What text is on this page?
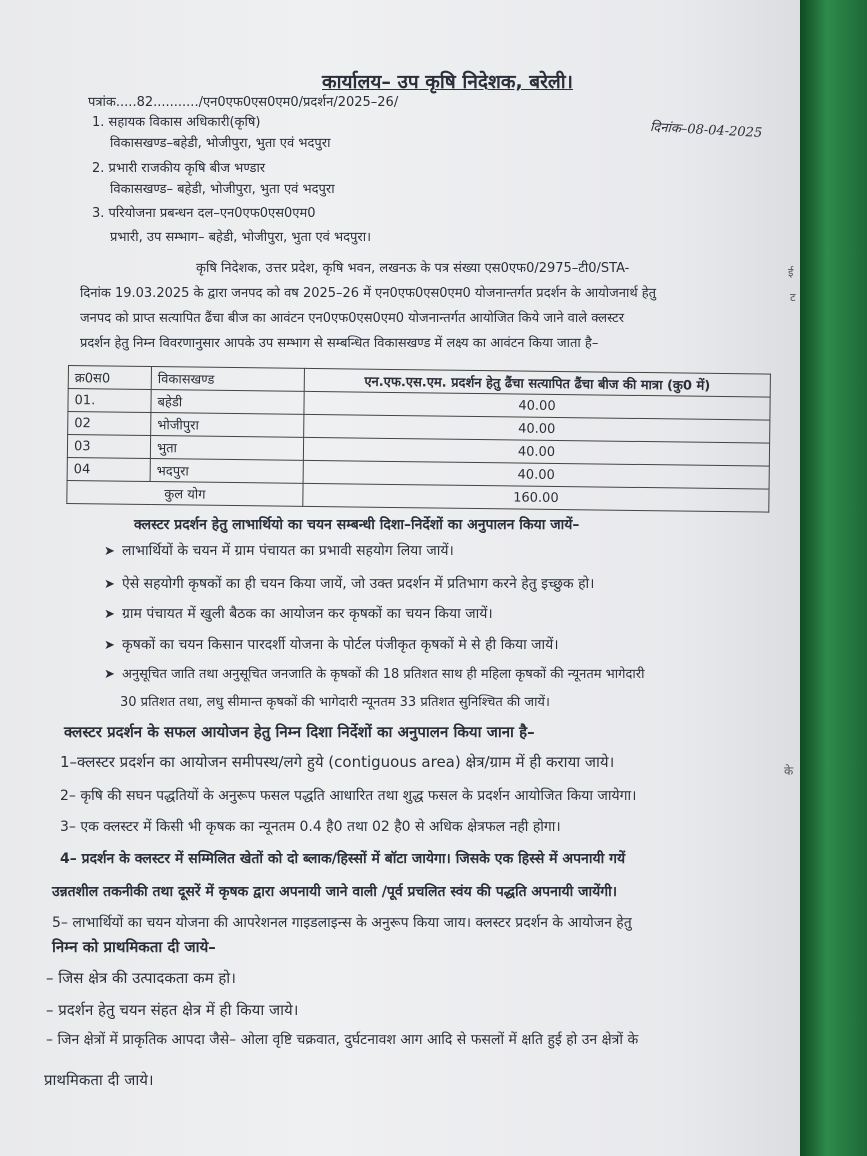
कार्यालय– उप कृषि निदेशक, बरेली।
पत्रांक.....82.........../एन0एफ0एस0एम0/प्रदर्शन/2025–26/
दिनांक–08-04-2025
1. सहायक विकास अधिकारी(कृषि)
विकासखण्ड–बहेडी, भोजीपुरा, भुता एवं भदपुरा
2. प्रभारी राजकीय कृषि बीज भण्डार
विकासखण्ड– बहेडी, भोजीपुरा, भुता एवं भदपुरा
3. परियोजना प्रबन्धन दल–एन0एफ0एस0एम0
प्रभारी, उप सम्भाग– बहेडी, भोजीपुरा, भुता एवं भदपुरा।
कृषि निदेशक, उत्तर प्रदेश, कृषि भवन, लखनऊ के पत्र संख्या एस0एफ0/2975–टी0/STA-
दिनांक 19.03.2025 के द्वारा जनपद को वष 2025–26 में एन0एफ0एस0एम0 योजनान्तर्गत प्रदर्शन के आयोजनार्थ हेतु
जनपद को प्राप्त सत्यापित ढैंचा बीज का आवंटन एन0एफ0एस0एम0 योजनान्तर्गत आयोजित किये जाने वाले क्लस्टर
प्रदर्शन हेतु निम्न विवरणानुसार आपके उप सम्भाग से सम्बन्धित विकासखण्ड में लक्ष्य का आवंटन किया जाता है–
क्र0स0	विकासखण्ड	एन.एफ.एस.एम. प्रदर्शन हेतु ढैंचा सत्यापित ढैंचा बीज की मात्रा (कु0 में)
01.	बहेडी	40.00
02	भोजीपुरा	40.00
03	भुता	40.00
04	भदपुरा	40.00
कुल योग		160.00
क्लस्टर प्रदर्शन हेतु लाभार्थियो का चयन सम्बन्धी दिशा–निर्देशों का अनुपालन किया जायें–
➤ लाभार्थियों के चयन में ग्राम पंचायत का प्रभावी सहयोग लिया जायें।
➤ ऐसे सहयोगी कृषकों का ही चयन किया जायें, जो उक्त प्रदर्शन में प्रतिभाग करने हेतु इच्छुक हो।
➤ ग्राम पंचायत में खुली बैठक का आयोजन कर कृषकों का चयन किया जायें।
➤ कृषकों का चयन किसान पारदर्शी योजना के पोर्टल पंजीकृत कृषकों मे से ही किया जायें।
➤ अनुसूचित जाति तथा अनुसूचित जनजाति के कृषकों की 18 प्रतिशत साथ ही महिला कृषकों की न्यूनतम भागेदारी
30 प्रतिशत तथा, लधु सीमान्त कृषकों की भागेदारी न्यूनतम 33 प्रतिशत सुनिश्चित की जायें।
क्लस्टर प्रदर्शन के सफल आयोजन हेतु निम्न दिशा निर्देशों का अनुपालन किया जाना है–
1–क्लस्टर प्रदर्शन का आयोजन समीपस्थ/लगे हुये (contiguous area) क्षेत्र/ग्राम में ही कराया जाये।
2– कृषि की सघन पद्धतियों के अनुरूप फसल पद्धति आधारित तथा शुद्ध फसल के प्रदर्शन आयोजित किया जायेगा।
3– एक क्लस्टर में किसी भी कृषक का न्यूनतम 0.4 है0 तथा 02 है0 से अधिक क्षेत्रफल नही होगा।
4– प्रदर्शन के क्लस्टर में सम्मिलित खेतों को दो ब्लाक/हिस्सों में बॉटा जायेगा। जिसके एक हिस्से में अपनायी गयें
उन्नतशील तकनीकी तथा दूसरें में कृषक द्वारा अपनायी जाने वाली /पूर्व प्रचलित स्वंय की पद्धति अपनायी जायेंगी।
5– लाभार्थियों का चयन योजना की आपरेशनल गाइडलाइन्स के अनुरूप किया जाय। क्लस्टर प्रदर्शन के आयोजन हेतु
निम्न को प्राथमिकता दी जाये–
– जिस क्षेत्र की उत्पादकता कम हो।
– प्रदर्शन हेतु चयन संहत क्षेत्र में ही किया जाये।
– जिन क्षेत्रों में प्राकृतिक आपदा जैसे– ओला वृष्टि चक्रवात, दुर्घटनावश आग आदि से फसलों में क्षति हुई हो उन क्षेत्रों के
प्राथमिकता दी जाये।
ई
ट
के
